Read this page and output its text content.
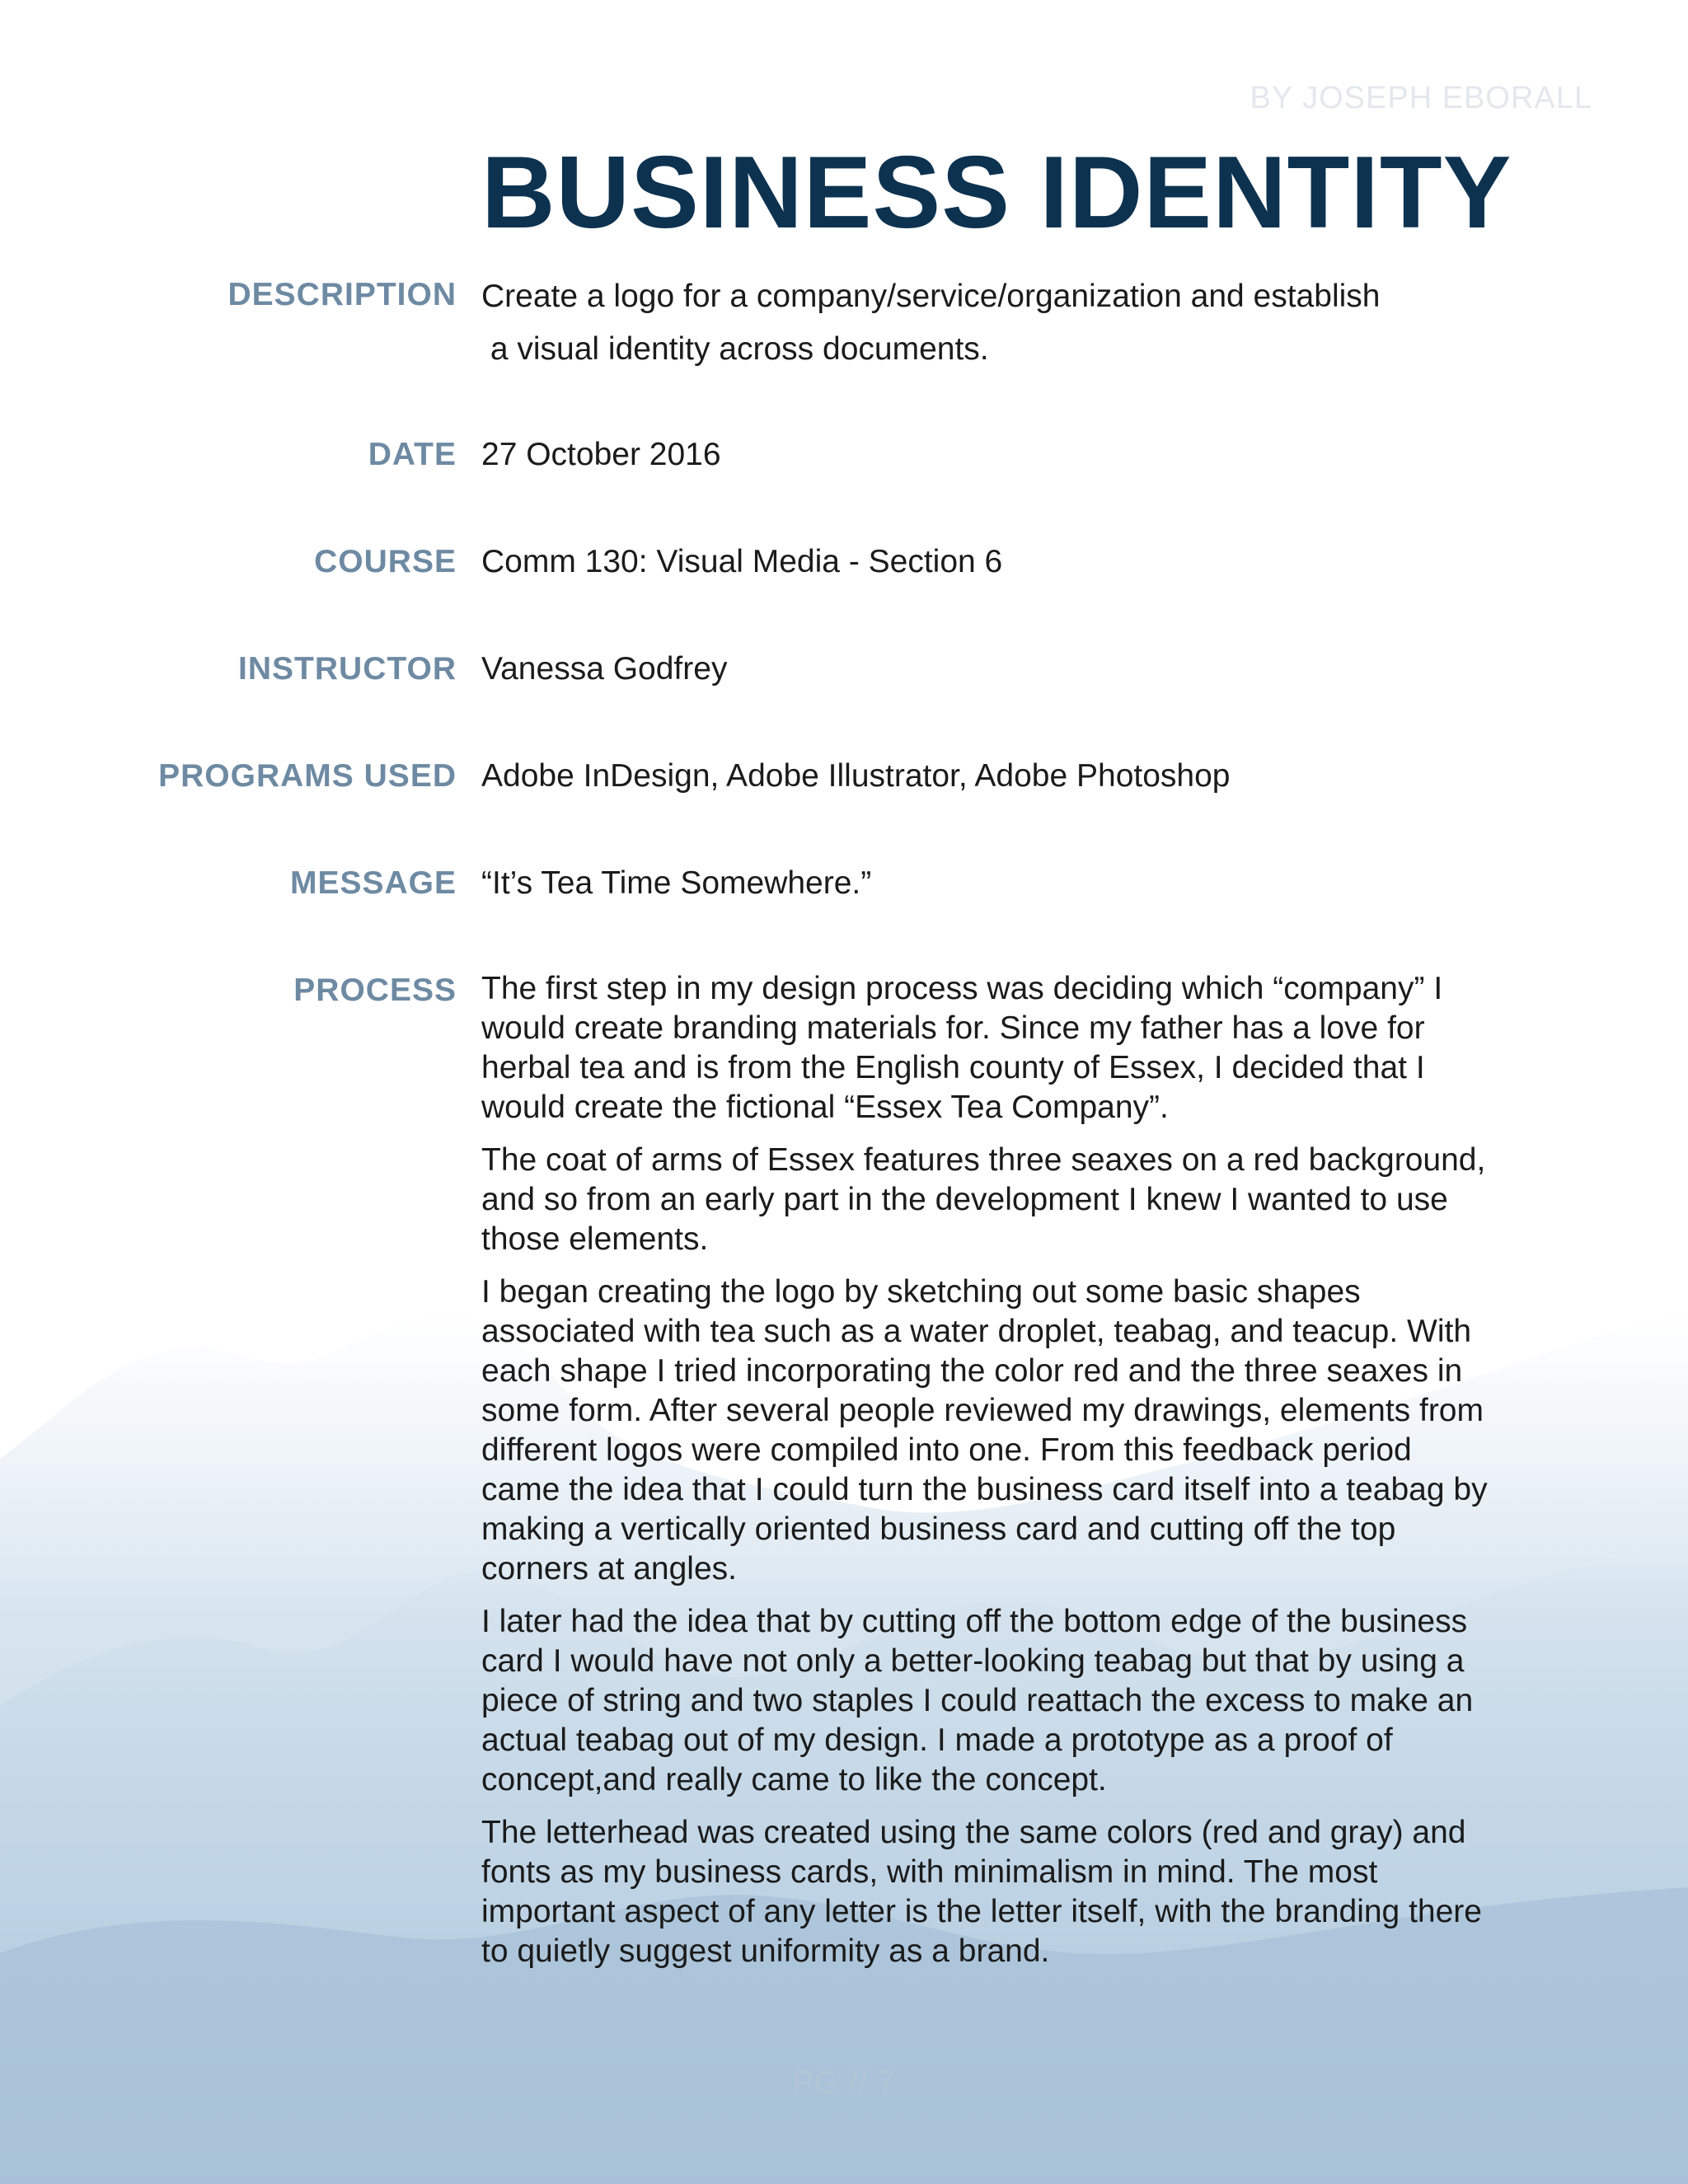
BY JOSEPH EBORALL
BUSINESS IDENTITY
DESCRIPTION Create a logo for a company/service/organization and establish
a visual identity across documents.
DATE 27 October 2016
COURSE Comm 130: Visual Media - Section 6
INSTRUCTOR Vanessa Godfrey
PROGRAMS USED Adobe InDesign, Adobe Illustrator, Adobe Photoshop
MESSAGE “It’s Tea Time Somewhere.”
PROCESS The first step in my design process was deciding which “company” I would create branding materials for. Since my father has a love for herbal tea and is from the English county of Essex, I decided that I would create the fictional “Essex Tea Company”.

The coat of arms of Essex features three seaxes on a red background, and so from an early part in the development I knew I wanted to use those elements.

I began creating the logo by sketching out some basic shapes associated with tea such as a water droplet, teabag, and teacup. With each shape I tried incorporating the color red and the three seaxes in some form. After several people reviewed my drawings, elements from different logos were compiled into one. From this feedback period came the idea that I could turn the business card itself into a teabag by making a vertically oriented business card and cutting off the top corners at angles.

I later had the idea that by cutting off the bottom edge of the business card I would have not only a better-looking teabag but that by using a piece of string and two staples I could reattach the excess to make an actual teabag out of my design. I made a prototype as a proof of concept,and really came to like the concept.

The letterhead was created using the same colors (red and gray) and fonts as my business cards, with minimalism in mind. The most important aspect of any letter is the letter itself, with the branding there to quietly suggest uniformity as a brand.

PG // 7
